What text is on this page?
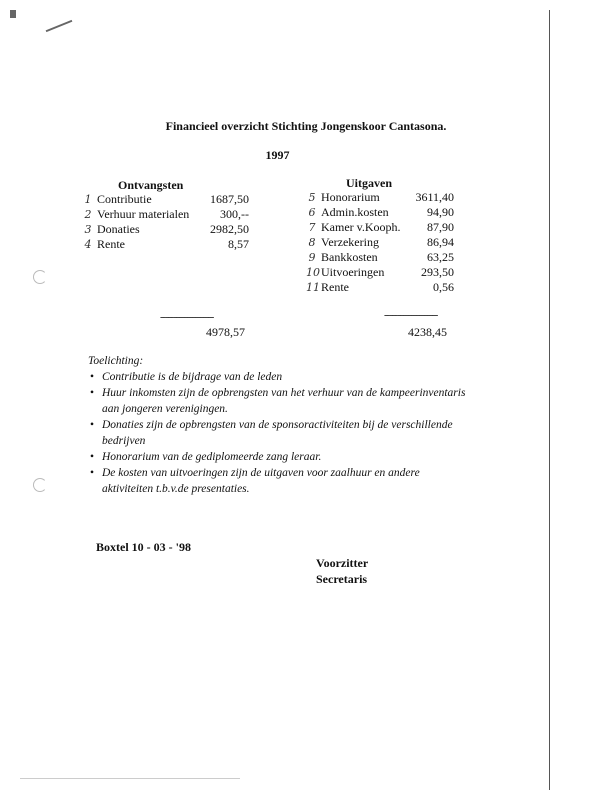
Financieel overzicht Stichting Jongenskoor Cantasona.
1997
Ontvangsten
1 Contributie	1687,50
2 Verhuur materialen	300,--
3 Donaties	2982,50
4 Rente	8,57
--------------------
4978,57
Uitgaven
5 Honorarium	3611,40
6 Admin.kosten	94,90
7 Kamer v.Kooph. 87,90
8 Verzekering	86,94
9 Bankkosten	63,25
10 Uitvoeringen	293,50
11 Rente	0,56
--------------------
4238,45
Toelichting:
• Contributie is de bijdrage van de leden
• Huur inkomsten zijn de opbrengsten van het verhuur van de kampeerinventaris aan jongeren verenigingen.
• Donaties zijn de opbrengsten van de sponsoractiviteiten bij de verschillende bedrijven
• Honorarium van de gediplomeerde zang leraar.
• De kosten van uitvoeringen zijn de uitgaven voor zaalhuur en andere aktiviteiten t.b.v.de presentaties.
Boxtel 10 - 03 - '98
Voorzitter
Secretaris
